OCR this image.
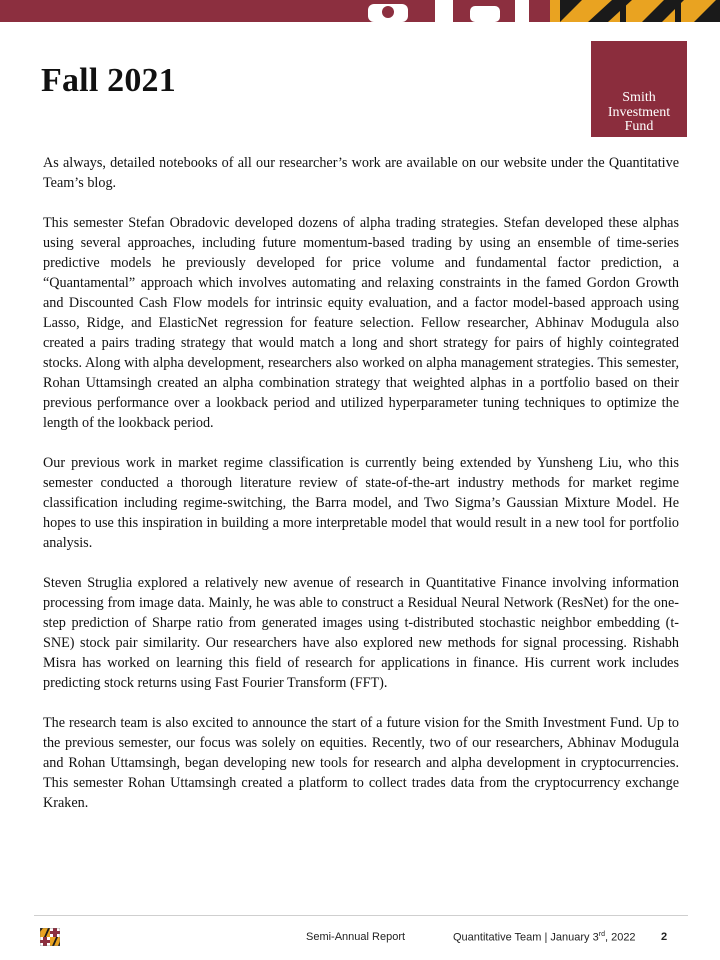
Fall 2021	Smith
Investment
Fund

As always, detailed notebooks of all our researcher’s work are available on our website under the Quantitative Team’s blog.

This semester Stefan Obradovic developed dozens of alpha trading strategies. Stefan developed these alphas using several approaches, including future momentum-based trading by using an ensemble of time-series predictive models he previously developed for price volume and fundamental factor prediction, a “Quantamental” approach which involves automating and relaxing constraints in the famed Gordon Growth and Discounted Cash Flow models for intrinsic equity evaluation, and a factor model-based approach using Lasso, Ridge, and ElasticNet regression for feature selection. Fellow researcher, Abhinav Modugula also created a pairs trading strategy that would match a long and short strategy for pairs of highly cointegrated stocks. Along with alpha development, researchers also worked on alpha management strategies. This semester, Rohan Uttamsingh created an alpha combination strategy that weighted alphas in a portfolio based on their previous performance over a lookback period and utilized hyperparameter tuning techniques to optimize the length of the lookback period.

Our previous work in market regime classification is currently being extended by Yunsheng Liu, who this semester conducted a thorough literature review of state-of-the-art industry methods for market regime classification including regime-switching, the Barra model, and Two Sigma’s Gaussian Mixture Model. He hopes to use this inspiration in building a more interpretable model that would result in a new tool for portfolio analysis.

Steven Struglia explored a relatively new avenue of research in Quantitative Finance involving information processing from image data. Mainly, he was able to construct a Residual Neural Network (ResNet) for the one-step prediction of Sharpe ratio from generated images using t-distributed stochastic neighbor embedding (t-SNE) stock pair similarity. Our researchers have also explored new methods for signal processing. Rishabh Misra has worked on learning this field of research for applications in finance. His current work includes predicting stock returns using Fast Fourier Transform (FFT).

The research team is also excited to announce the start of a future vision for the Smith Investment Fund. Up to the previous semester, our focus was solely on equities. Recently, two of our researchers, Abhinav Modugula and Rohan Uttamsingh, began developing new tools for research and alpha development in cryptocurrencies. This semester Rohan Uttamsingh created a platform to collect trades data from the cryptocurrency exchange Kraken.

Semi-Annual Report	Quantitative Team | January 3rd, 2022 2
